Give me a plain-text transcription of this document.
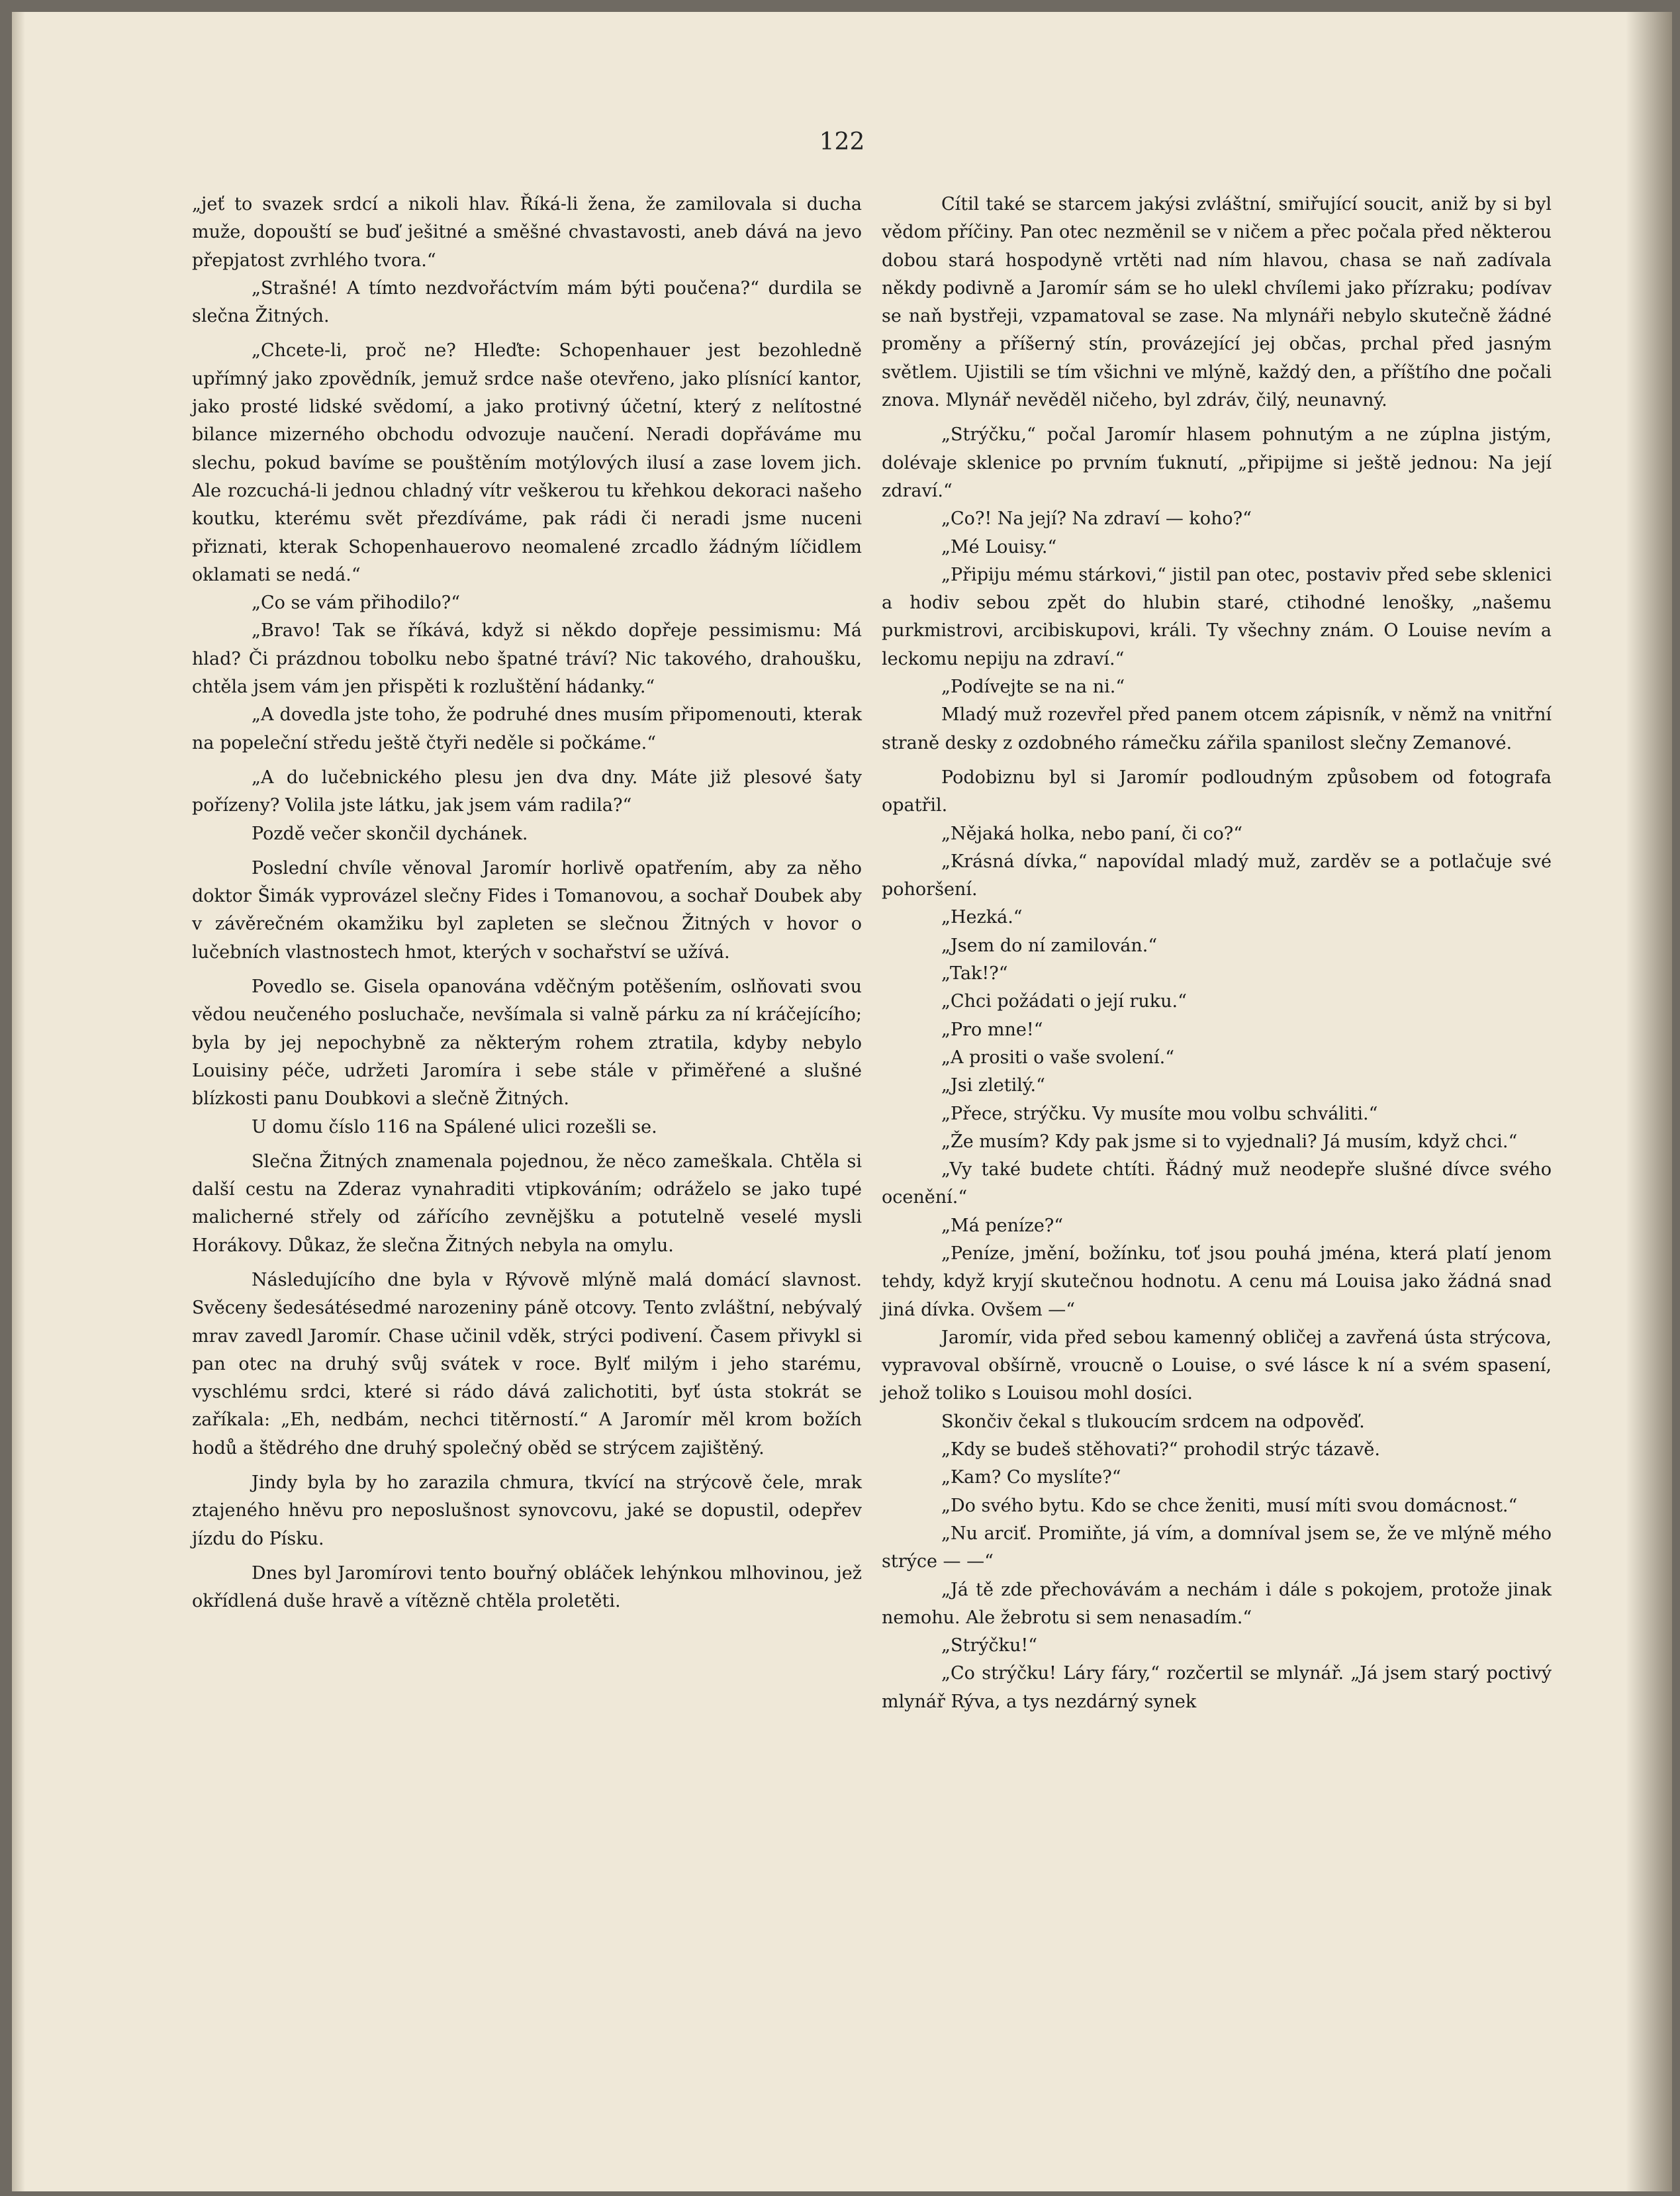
122

„jeť to svazek srdcí a nikoli hlav. Říká-li žena, že zamilovala si ducha muže, dopouští se buď ješitné a směšné chvastavosti, aneb dává na jevo přepjatost zvrhlého tvora.“

„Strašné! A tímto nezdvořáctvím mám býti poučena?“ durdila se slečna Žitných.

„Chcete-li, proč ne? Hleďte: Schopenhauer jest bezohledně upřímný jako zpovědník, jemuž srdce naše otevřeno, jako plísnící kantor, jako prosté lidské svědomí, a jako protivný účetní, který z nelítostné bilance mizerného obchodu odvozuje naučení. Neradi dopřáváme mu slechu, pokud bavíme se pouštěním motýlových ilusí a zase lovem jich. Ale rozcuchá-li jednou chladný vítr veškerou tu křehkou dekoraci našeho koutku, kterému svět přezdíváme, pak rádi či neradi jsme nuceni přiznati, kterak Schopenhauerovo neomalené zrcadlo žádným líčidlem oklamati se nedá.“

„Co se vám přihodilo?“

„Bravo! Tak se říkává, když si někdo dopřeje pessimismu: Má hlad? Či prázdnou tobolku nebo špatné tráví? Nic takového, drahoušku, chtěla jsem vám jen přispěti k rozluštění hádanky.“

„A dovedla jste toho, že podruhé dnes musím připomenouti, kterak na popeleční středu ještě čtyři neděle si počkáme.“

„A do lučebnického plesu jen dva dny. Máte již plesové šaty pořízeny? Volila jste látku, jak jsem vám radila?“

Pozdě večer skončil dychánek.

Poslední chvíle věnoval Jaromír horlivě opatřením, aby za něho doktor Šimák vyprovázel slečny Fides i Tomanovou, a sochař Doubek aby v závěrečném okamžiku byl zapleten se slečnou Žitných v hovor o lučebních vlastnostech hmot, kterých v sochařství se užívá.

Povedlo se. Gisela opanována vděčným potěšením, oslňovati svou vědou neučeného posluchače, nevšímala si valně párku za ní kráčejícího; byla by jej nepochybně za některým rohem ztratila, kdyby nebylo Louisiny péče, udržeti Jaromíra i sebe stále v přiměřené a slušné blízkosti panu Doubkovi a slečně Žitných.

U domu číslo 116 na Spálené ulici rozešli se.

Slečna Žitných znamenala pojednou, že něco zameškala. Chtěla si další cestu na Zderaz vynahraditi vtipkováním; odráželo se jako tupé malicherné střely od zářícího zevnějšku a potutelně veselé mysli Horákovy. Důkaz, že slečna Žitných nebyla na omylu.

Následujícího dne byla v Rývově mlýně malá domácí slavnost. Svěceny šedesátésedmé narozeniny páně otcovy. Tento zvláštní, nebývalý mrav zavedl Jaromír. Chase učinil vděk, strýci podivení. Časem přivykl si pan otec na druhý svůj svátek v roce. Bylť milým i jeho starému, vyschlému srdci, které si rádo dává zalichotiti, byť ústa stokrát se zaříkala: „Eh, nedbám, nechci titěrností.“ A Jaromír měl krom božích hodů a štědrého dne druhý společný oběd se strýcem zajištěný.

Jindy byla by ho zarazila chmura, tkvící na strýcově čele, mrak ztajeného hněvu pro neposlušnost synovcovu, jaké se dopustil, odepřev jízdu do Písku.

Dnes byl Jaromírovi tento bouřný obláček lehýnkou mlhovinou, jež okřídlená duše hravě a vítězně chtěla proletěti.

Cítil také se starcem jakýsi zvláštní, smiřující soucit, aniž by si byl vědom příčiny. Pan otec nezměnil se v ničem a přec počala před některou dobou stará hospodyně vrtěti nad ním hlavou, chasa se naň zadívala někdy podivně a Jaromír sám se ho ulekl chvílemi jako přízraku; podívav se naň bystřeji, vzpamatoval se zase. Na mlynáři nebylo skutečně žádné proměny a příšerný stín, provázející jej občas, prchal před jasným světlem. Ujistili se tím všichni ve mlýně, každý den, a příštího dne počali znova. Mlynář nevěděl ničeho, byl zdráv, čilý, neunavný.

„Strýčku,“ počal Jaromír hlasem pohnutým a ne zúplna jistým, dolévaje sklenice po prvním ťuknutí, „připijme si ještě jednou: Na její zdraví.“

„Co?! Na její? Na zdraví — koho?“

„Mé Louisy.“

„Připiju mému stárkovi,“ jistil pan otec, postaviv před sebe sklenici a hodiv sebou zpět do hlubin staré, ctihodné lenošky, „našemu purkmistrovi, arcibiskupovi, králi. Ty všechny znám. O Louise nevím a leckomu nepiju na zdraví.“

„Podívejte se na ni.“

Mladý muž rozevřel před panem otcem zápisník, v němž na vnitřní straně desky z ozdobného rámečku zářila spanilost slečny Zemanové.

Podobiznu byl si Jaromír podloudným způsobem od fotografa opatřil.

„Nějaká holka, nebo paní, či co?“

„Krásná dívka,“ napovídal mladý muž, zarděv se a potlačuje své pohoršení.

„Hezká.“

„Jsem do ní zamilován.“

„Tak!?“

„Chci požádati o její ruku.“

„Pro mne!“

„A prositi o vaše svolení.“

„Jsi zletilý.“

„Přece, strýčku. Vy musíte mou volbu schváliti.“

„Že musím? Kdy pak jsme si to vyjednali? Já musím, když chci.“

„Vy také budete chtíti. Řádný muž neodepře slušné dívce svého ocenění.“

„Má peníze?“

„Peníze, jmění, božínku, toť jsou pouhá jména, která platí jenom tehdy, když kryjí skutečnou hodnotu. A cenu má Louisa jako žádná snad jiná dívka. Ovšem —“

Jaromír, vida před sebou kamenný obličej a zavřená ústa strýcova, vypravoval obšírně, vroucně o Louise, o své lásce k ní a svém spasení, jehož toliko s Louisou mohl dosíci.

Skončiv čekal s tlukoucím srdcem na odpověď.

„Kdy se budeš stěhovati?“ prohodil strýc tázavě.

„Kam? Co myslíte?“

„Do svého bytu. Kdo se chce ženiti, musí míti svou domácnost.“

„Nu arciť. Promiňte, já vím, a domníval jsem se, že ve mlýně mého strýce — —“

„Já tě zde přechovávám a nechám i dále s pokojem, protože jinak nemohu. Ale žebrotu si sem nenasadím.“

„Strýčku!“

„Co strýčku! Láry fáry,“ rozčertil se mlynář. „Já jsem starý poctivý mlynář Rýva, a tys nezdárný synek
